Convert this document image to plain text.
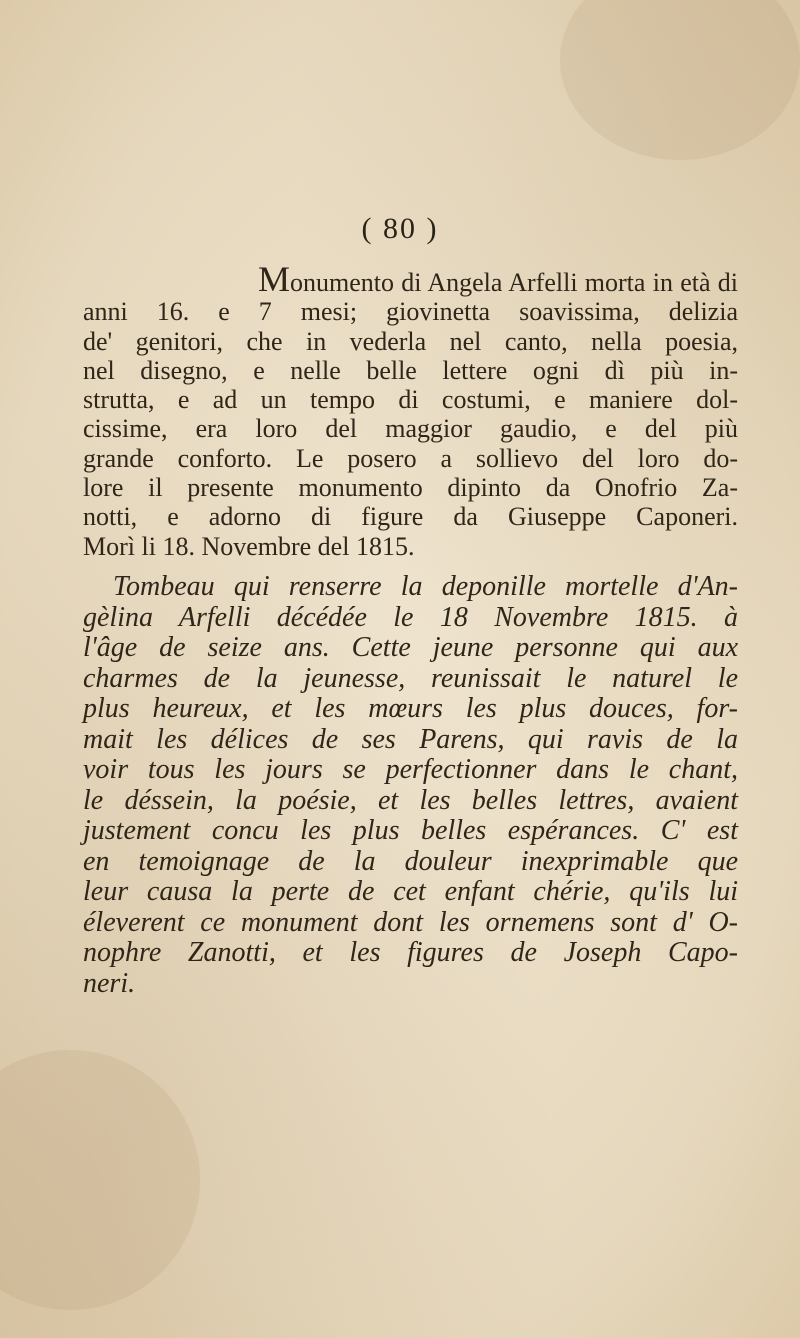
( 80 )
Monumento di Angela Arfelli morta in età di
anni 16. e 7 mesi; giovinetta soavissima, delizia
de' genitori, che in vederla nel canto, nella poesia,
nel disegno, e nelle belle lettere ogni dì più in-
strutta, e ad un tempo di costumi, e maniere dol-
cissime, era loro del maggior gaudio, e del più
grande conforto. Le posero a sollievo del loro do-
lore il presente monumento dipinto da Onofrio Za-
notti, e adorno di figure da Giuseppe Caponeri.
Morì li 18. Novembre del 1815.
Tombeau qui renserre la deponille mortelle d'An-
gèlina Arfelli décédée le 18 Novembre 1815. à
l'âge de seize ans. Cette jeune personne qui aux
charmes de la jeunesse, reunissait le naturel le
plus heureux, et les mœurs les plus douces, for-
mait les délices de ses Parens, qui ravis de la
voir tous les jours se perfectionner dans le chant,
le déssein, la poésie, et les belles lettres, avaient
justement concu les plus belles espérances. C' est
en temoignage de la douleur inexprimable que
leur causa la perte de cet enfant chérie, qu'ils lui
éleverent ce monument dont les ornemens sont d' O-
nophre Zanotti, et les figures de Joseph Capo-
neri.
